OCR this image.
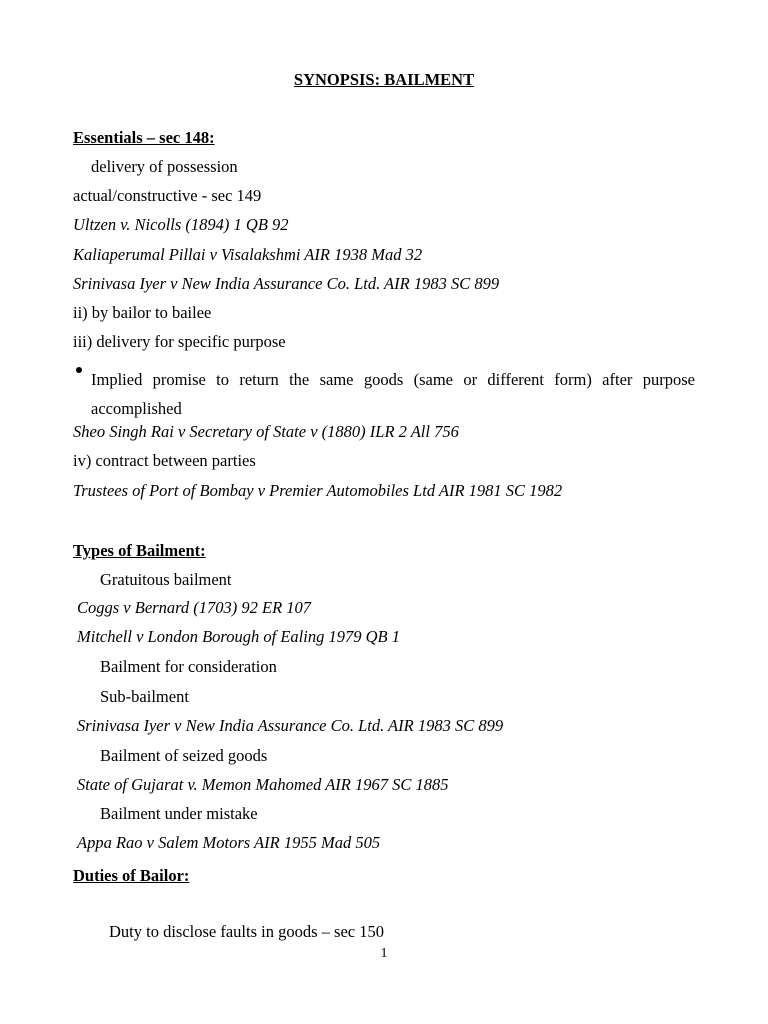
SYNOPSIS: BAILMENT
Essentials – sec 148:
delivery of possession
actual/constructive - sec 149
Ultzen v. Nicolls (1894) 1 QB 92
Kaliaperumal Pillai v Visalakshmi AIR 1938 Mad 32
Srinivasa Iyer v New India Assurance Co. Ltd. AIR 1983 SC 899
ii) by bailor to bailee
iii) delivery for specific purpose
Implied promise to return the same goods (same or different form) after purpose accomplished
Sheo Singh Rai v Secretary of State v (1880) ILR 2 All 756
iv) contract between parties
Trustees of Port of Bombay v Premier Automobiles Ltd AIR 1981 SC 1982
Types of Bailment:
Gratuitous bailment
Coggs v Bernard (1703) 92 ER 107
Mitchell v London Borough of Ealing 1979 QB 1
Bailment for consideration
Sub-bailment
Srinivasa Iyer v New India Assurance Co. Ltd. AIR 1983 SC 899
Bailment of seized goods
State of Gujarat v. Memon Mahomed AIR 1967 SC 1885
Bailment under mistake
Appa Rao v Salem Motors AIR 1955 Mad 505
Duties of Bailor:
Duty to disclose faults in goods – sec 150
1
